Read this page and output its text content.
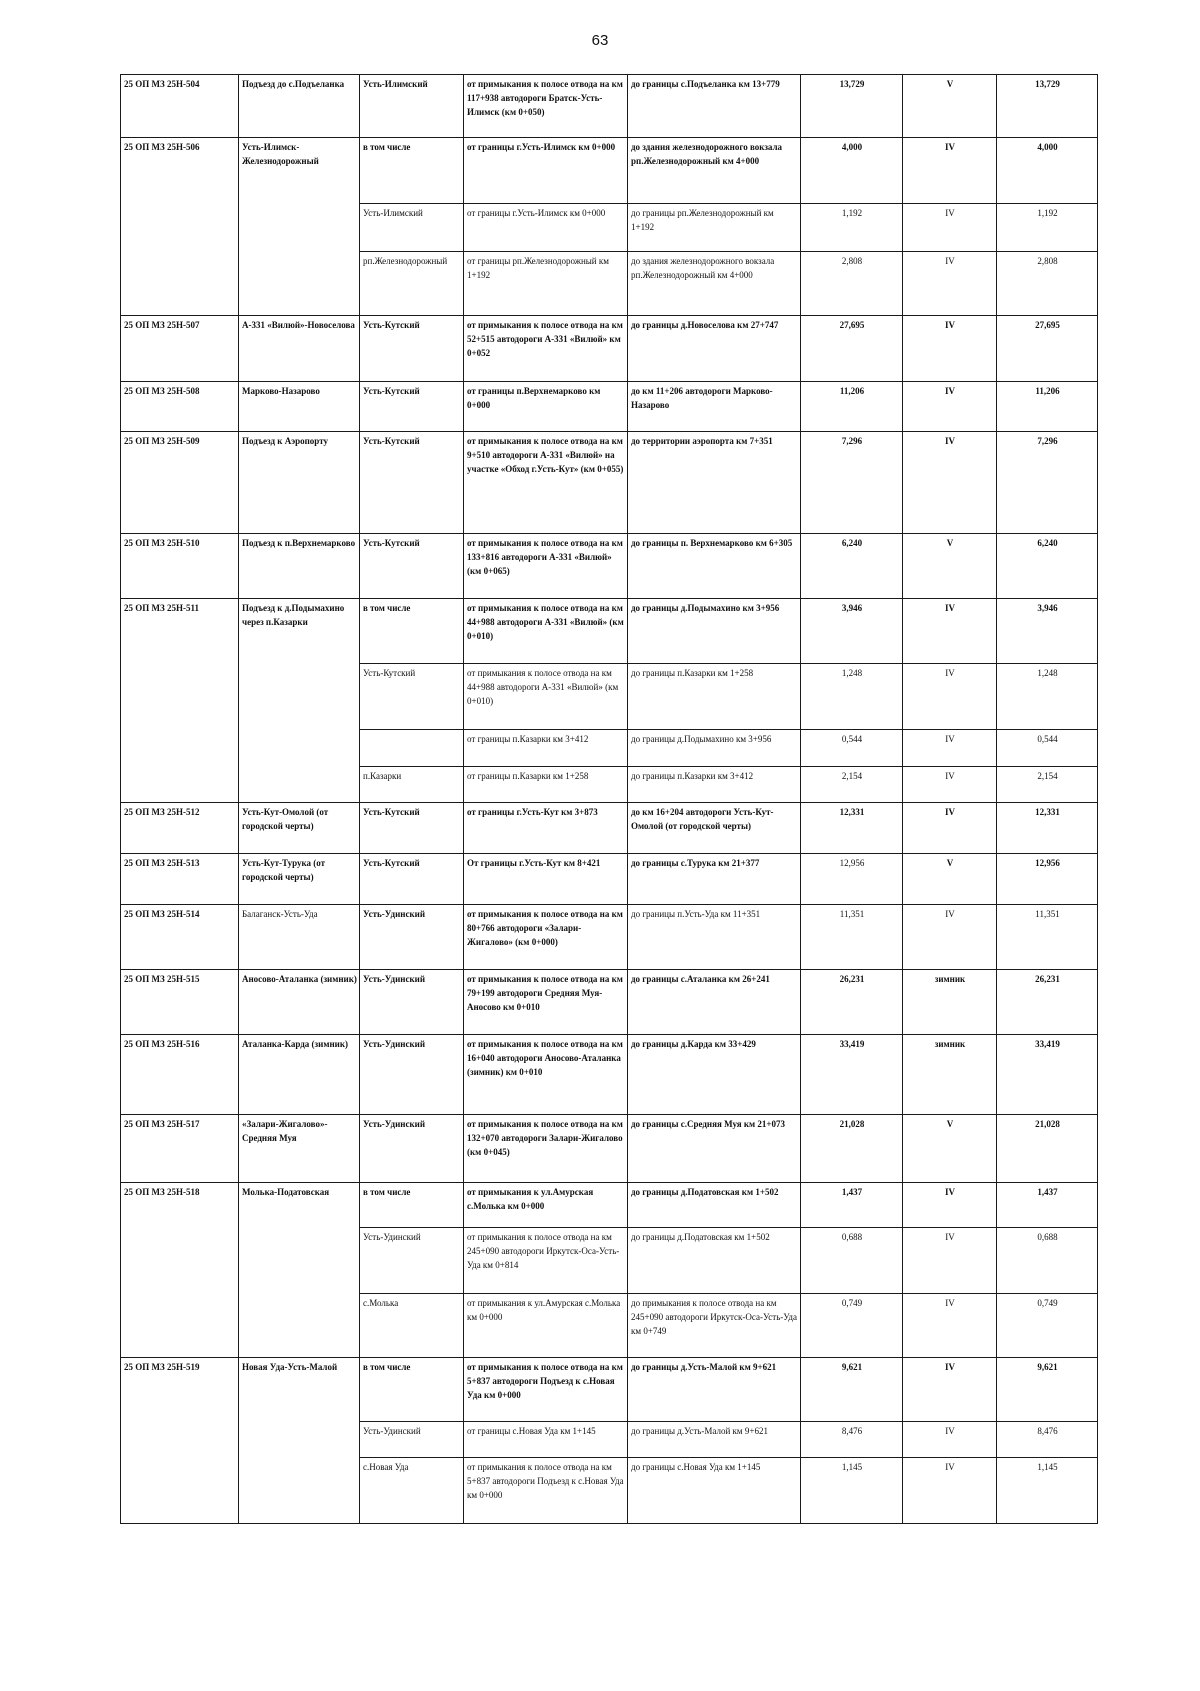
63
25 ОП МЗ 25Н-504	Подъезд до с.Подъеланка	Усть-Илимский	от примыкания к полосе отвода на км 117+938 автодороги Братск-Усть-Илимск (км 0+050)	до границы с.Подъеланка км 13+779	13,729	V	13,729
25 ОП МЗ 25Н-506	Усть-Илимск-Железнодорожный	в том числе	от границы г.Усть-Илимск км 0+000	до здания железнодорожного вокзала рп.Железнодорожный км 4+000	4,000	IV	4,000
		Усть-Илимский	от границы г.Усть-Илимск км 0+000	до границы рп.Железнодорожный км 1+192	1,192	IV	1,192
		рп.Железнодорожный	от границы рп.Железнодорожный км 1+192	до здания железнодорожного вокзала рп.Железнодорожный км 4+000	2,808	IV	2,808
25 ОП МЗ 25Н-507	А-331 «Вилюй»-Новоселова	Усть-Кутский	от примыкания к полосе отвода на км 52+515 автодороги А-331 «Вилюй» км 0+052	до границы д.Новоселова км 27+747	27,695	IV	27,695
25 ОП МЗ 25Н-508	Марково-Назарово	Усть-Кутский	от границы п.Верхнемарково км 0+000	до км 11+206 автодороги Марково-Назарово	11,206	IV	11,206
25 ОП МЗ 25Н-509	Подъезд к Аэропорту	Усть-Кутский	от примыкания к полосе отвода на км 9+510 автодороги А-331 «Вилюй» на участке «Обход г.Усть-Кут» (км 0+055)	до территории аэропорта км 7+351	7,296	IV	7,296
25 ОП МЗ 25Н-510	Подъезд к п.Верхнемарково	Усть-Кутский	от примыкания к полосе отвода на км 133+816 автодороги А-331 «Вилюй» (км 0+065)	до границы п. Верхнемарково км 6+305	6,240	V	6,240
25 ОП МЗ 25Н-511	Подъезд к д.Подымахино через п.Казарки	в том числе	от примыкания к полосе отвода на км 44+988 автодороги А-331 «Вилюй» (км 0+010)	до границы д.Подымахино км 3+956	3,946	IV	3,946
		Усть-Кутский	от примыкания к полосе отвода на км 44+988 автодороги А-331 «Вилюй» (км 0+010)	до границы п.Казарки км 1+258	1,248	IV	1,248
			от границы п.Казарки км 3+412	до границы д.Подымахино км 3+956	0,544	IV	0,544
		п.Казарки	от границы п.Казарки км 1+258	до границы п.Казарки км 3+412	2,154	IV	2,154
25 ОП МЗ 25Н-512	Усть-Кут-Омолой (от городской черты)	Усть-Кутский	от границы г.Усть-Кут км 3+873	до км 16+204 автодороги Усть-Кут-Омолой (от городской черты)	12,331	IV	12,331
25 ОП МЗ 25Н-513	Усть-Кут-Турука (от городской черты)	Усть-Кутский	От границы г.Усть-Кут км 8+421	до границы с.Турука км 21+377	12,956	V	12,956
25 ОП МЗ 25Н-514	Балаганск-Усть-Уда	Усть-Удинский	от примыкания к полосе отвода на км 80+766 автодороги «Залари-Жигалово» (км 0+000)	до границы п.Усть-Уда км 11+351	11,351	IV	11,351
25 ОП МЗ 25Н-515	Аносово-Аталанка (зимник)	Усть-Удинский	от примыкания к полосе отвода на км 79+199 автодороги Средняя Муя-Аносово км 0+010	до границы с.Аталанка км 26+241	26,231	зимник	26,231
25 ОП МЗ 25Н-516	Аталанка-Карда (зимник)	Усть-Удинский	от примыкания к полосе отвода на км 16+040 автодороги Аносово-Аталанка (зимник) км 0+010	до границы д.Карда км 33+429	33,419	зимник	33,419
25 ОП МЗ 25Н-517	«Залари-Жигалово»-Средняя Муя	Усть-Удинский	от примыкания к полосе отвода на км 132+070 автодороги Залари-Жигалово (км 0+045)	до границы с.Средняя Муя км 21+073	21,028	V	21,028
25 ОП МЗ 25Н-518	Молька-Податовская	в том числе	от примыкания к ул.Амурская с.Молька км 0+000	до границы д.Податовская км 1+502	1,437	IV	1,437
		Усть-Удинский	от примыкания к полосе отвода на км 245+090 автодороги Иркутск-Оса-Усть-Уда км 0+814	до границы д.Податовская км 1+502	0,688	IV	0,688
		с.Молька	от примыкания к ул.Амурская с.Молька км 0+000	до примыкания к полосе отвода на км 245+090 автодороги Иркутск-Оса-Усть-Уда км 0+749	0,749	IV	0,749
25 ОП МЗ 25Н-519	Новая Уда-Усть-Малой	в том числе	от примыкания к полосе отвода на км 5+837 автодороги Подъезд к с.Новая Уда км 0+000	до границы д.Усть-Малой км 9+621	9,621	IV	9,621
		Усть-Удинский	от границы с.Новая Уда км 1+145	до границы д.Усть-Малой км 9+621	8,476	IV	8,476
		с.Новая Уда	от примыкания к полосе отвода на км 5+837 автодороги Подъезд к с.Новая Уда км 0+000	до границы с.Новая Уда км 1+145	1,145	IV	1,145
